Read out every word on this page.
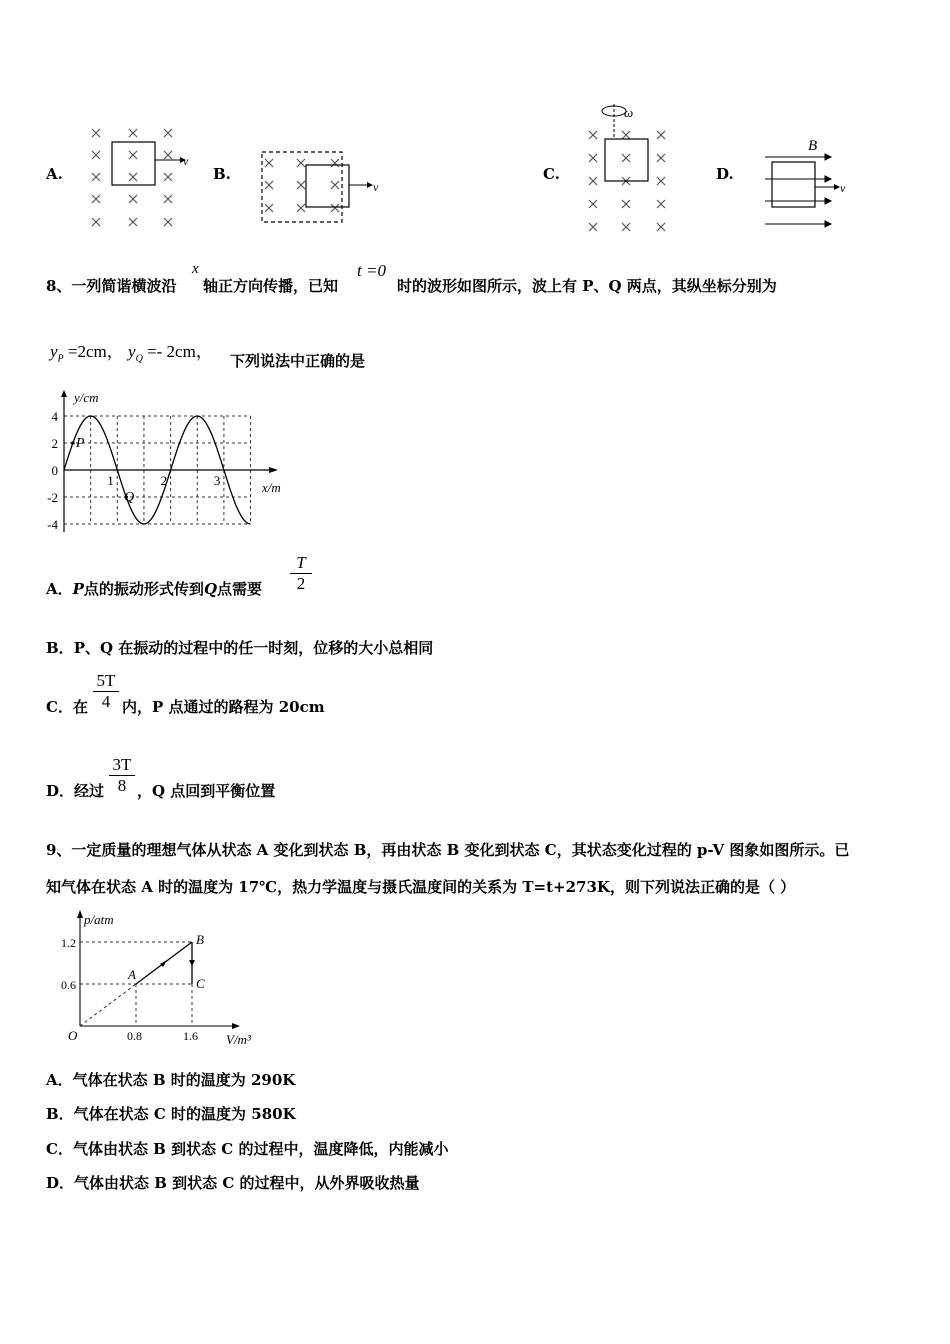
A.
v
B.
v
C.
ω
D.
B
v
8、一列简谐横波沿
x
轴正方向传播，已知
t =0
时的波形如图所示，波上有 P、Q 两点，其纵坐标分别为
$y_P =2cm$， $y_Q =- 2cm$， 下列说法中正确的是
y/cm
x/m
4
2
0
-2
-4
1	2	3
P
Q
A．P点的振动形式传到Q点需要
T
2
B．P、Q 在振动的过程中的任一时刻，位移的大小总相同
C．在
5T
4 内，P 点通过的路程为 20cm
D．经过
3T
8 ，Q 点回到平衡位置
9、一定质量的理想气体从状态 A 变化到状态 B，再由状态 B 变化到状态 C，其状态变化过程的 p-V 图象如图所示。已
知气体在状态 A 时的温度为 17℃，热力学温度与摄氏温度间的关系为 T=t+273K，则下列说法正确的是（ ）
p/atm
V/m³
O
1.2
0.6
0.8	1.6
A
B
C
A．气体在状态 B 时的温度为 290K
B．气体在状态 C 时的温度为 580K
C．气体由状态 B 到状态 C 的过程中，温度降低，内能减小
D．气体由状态 B 到状态 C 的过程中，从外界吸收热量
